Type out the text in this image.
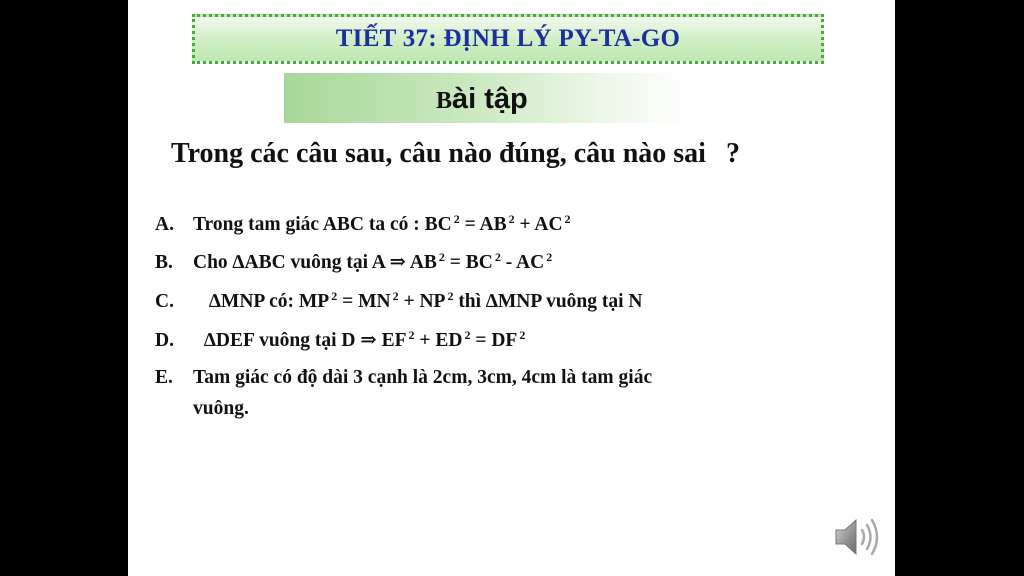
TIẾT 37: ĐỊNH LÝ PY-TA-GO
Bài tập
Trong các câu sau, câu nào đúng, câu nào sai ?
A. Trong tam giác ABC ta có : BC $^2$ = AB $^2$ + AC $^2$
B. Cho ∆ABC vuông tại A ⇒ AB $^2$ = BC $^2$ - AC $^2$
C. ∆MNP có: MP $^2$ = MN $^2$ + NP $^2$ thì ∆MNP vuông tại N
D. ∆DEF vuông tại D ⇒ EF $^2$ + ED $^2$ = DF $^2$
E. Tam giác có độ dài 3 cạnh là 2cm, 3cm, 4cm là tam giác
vuông.
